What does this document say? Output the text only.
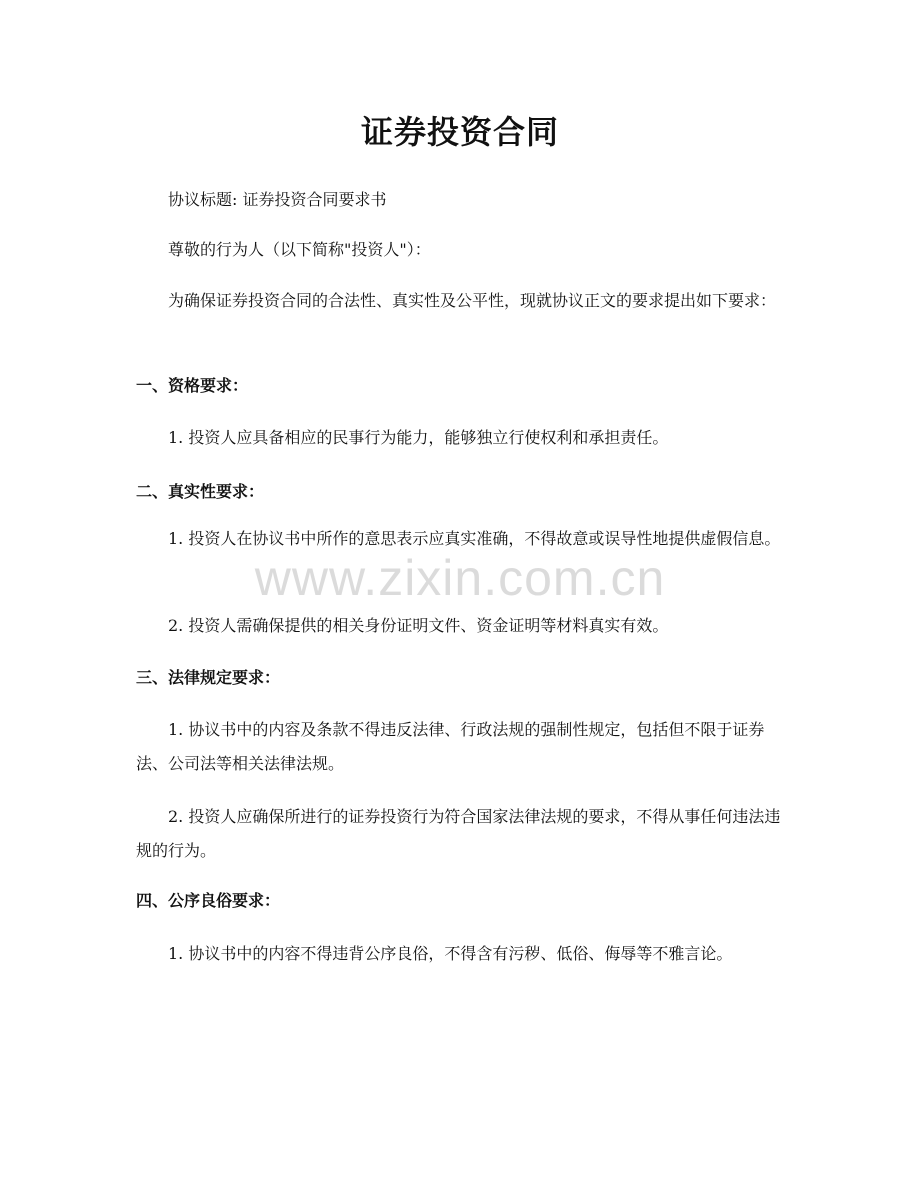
证券投资合同

协议标题: 证券投资合同要求书

尊敬的行为人（以下简称"投资人"）：

为确保证券投资合同的合法性、真实性及公平性，现就协议正文的要求提出如下要求：

一、资格要求：

1. 投资人应具备相应的民事行为能力，能够独立行使权利和承担责任。

二、真实性要求：

1. 投资人在协议书中所作的意思表示应真实准确，不得故意或误导性地提供虚假信息。

2. 投资人需确保提供的相关身份证明文件、资金证明等材料真实有效。

三、法律规定要求：

1. 协议书中的内容及条款不得违反法律、行政法规的强制性规定，包括但不限于证券法、公司法等相关法律法规。

2. 投资人应确保所进行的证券投资行为符合国家法律法规的要求，不得从事任何违法违规的行为。

四、公序良俗要求：

1. 协议书中的内容不得违背公序良俗，不得含有污秽、低俗、侮辱等不雅言论。

www.zixin.com.cn
